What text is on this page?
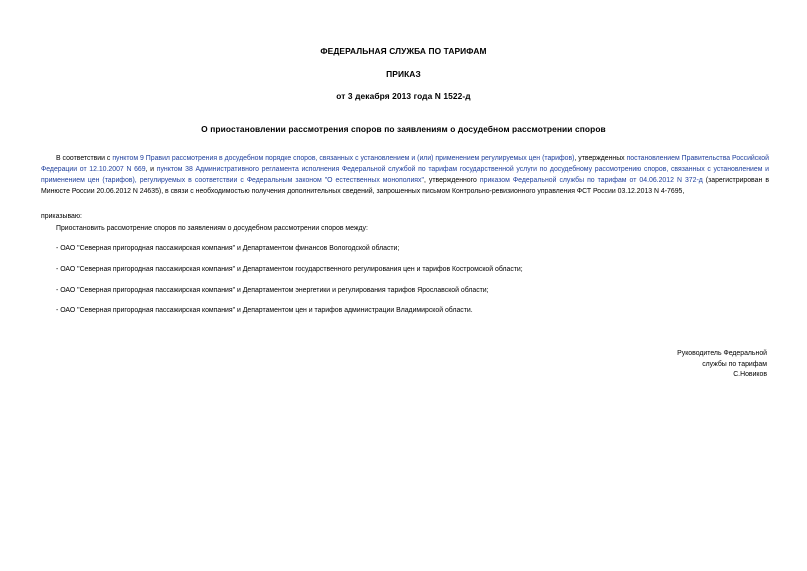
ФЕДЕРАЛЬНАЯ СЛУЖБА ПО ТАРИФАМ
ПРИКАЗ
от 3 декабря 2013 года N 1522-д
О приостановлении рассмотрения споров по заявлениям о досудебном рассмотрении споров
В соответствии с пунктом 9 Правил рассмотрения в досудебном порядке споров, связанных с установлением и (или) применением регулируемых цен (тарифов), утвержденных постановлением Правительства Российской Федерации от 12.10.2007 N 669, и пунктом 38 Административного регламента исполнения Федеральной службой по тарифам государственной услуги по досудебному рассмотрению споров, связанных с установлением и применением цен (тарифов), регулируемых в соответствии с Федеральным законом "О естественных монополиях", утвержденного приказом Федеральной службы по тарифам от 04.06.2012 N 372-д (зарегистрирован в Минюсте России 20.06.2012 N 24635), в связи с необходимостью получения дополнительных сведений, запрошенных письмом Контрольно-ревизионного управления ФСТ России 03.12.2013 N 4-7695,
приказываю:
Приостановить рассмотрение споров по заявлениям о досудебном рассмотрении споров между:
- ОАО "Северная пригородная пассажирская компания" и Департаментом финансов Вологодской области;
- ОАО "Северная пригородная пассажирская компания" и Департаментом государственного регулирования цен и тарифов Костромской области;
- ОАО "Северная пригородная пассажирская компания" и Департаментом энергетики и регулирования тарифов Ярославской области;
- ОАО "Северная пригородная пассажирская компания" и Департаментом цен и тарифов администрации Владимирской области.
Руководитель Федеральной
службы по тарифам
С.Новиков
